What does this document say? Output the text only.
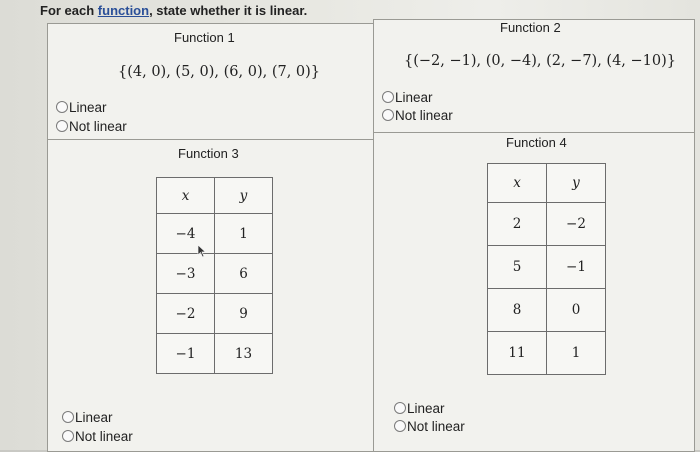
For each function, state whether it is linear.
Function 1
{(4, 0), (5, 0), (6, 0), (7, 0)}
Linear
Not linear
Function 2
{(−2, −1), (0, −4), (2, −7), (4, −10)}
Linear
Not linear
Function 3
x	y
−4	1
−3	6
−2	9
−1	13
Linear
Not linear
Function 4
x	y
2	−2
5	−1
8	0
11	1
Linear
Not linear
